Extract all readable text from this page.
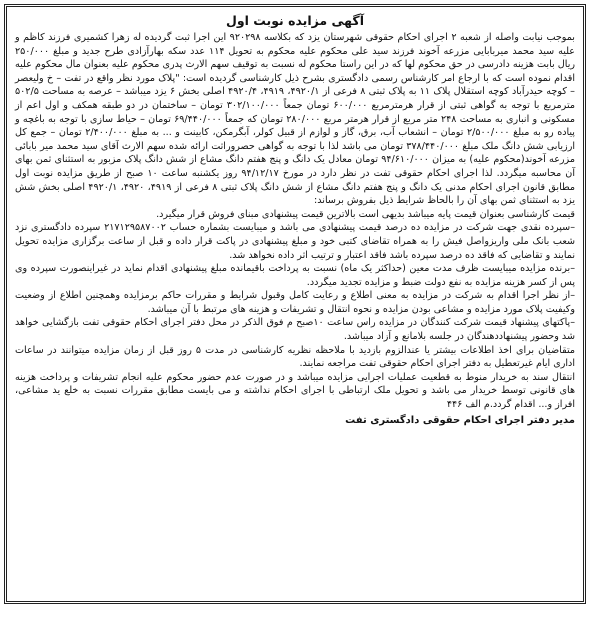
آگهی مزایده نوبت اول

بموجب نیابت واصله از شعبه ۲ اجرای احکام حقوقی شهرستان یزد که بکلاسه ۹۲۰۲۹۸ این اجرا ثبت گردیده له زهرا کشمیری فرزند کاظم و علیه سید محمد میربابایی مزرعه آخوند فرزند سید علی محکوم علیه محکوم به تحویل ۱۱۴ عدد سکه بهارآزادی طرح جدید و مبلغ ۲۵۰/۰۰۰ ریال بابت هزینه دادرسی در حق محکوم لها که در این راستا محکوم له نسبت به توقیف سهم الارث پدری محکوم علیه بعنوان مال محکوم علیه اقدام نموده است که با ارجاع امر کارشناس رسمی دادگستری بشرح ذیل کارشناسی گردیده است: "پلاک مورد نظر واقع در تفت – خ ولیعصر – کوچه حیدرآباد کوچه استقلال پلاک ۱۱ به پلاک ثبتی ۸ فرعی از ۴۹۲۰/۱، ۴۹۱۹، ۴۹۲۰/۴ اصلی بخش ۶ یزد میباشد – عرصه به مساحت ۵۰۲/۵ مترمربع با توجه به گواهی ثبتی از قرار هرمترمربع ۶۰۰/۰۰۰ تومان جمعاً ۳۰۲/۱۰۰/۰۰۰ تومان – ساختمان در دو طبقه همکف و اول اعم از مسکونی و انباری به مساحت ۲۴۸ متر مربع از قرار هرمتر مربع ۲۸۰/۰۰۰ تومان که جمعاً ۶۹/۴۴۰/۰۰۰ تومان – حیاط سازی با توجه به باغچه و پیاده رو به مبلغ ۲/۵۰۰/۰۰۰ تومان – انشعاب آب، برق، گاز و لوازم از قبیل کولر، آبگرمکن، کابینت و ... به مبلغ ۲/۴۰۰/۰۰۰ تومان – جمع کل ارزیابی شش دانگ ملک مبلغ ۳۷۸/۴۴۰/۰۰۰ تومان می باشد لذا با توجه به گواهی حصروراثت ارائه شده سهم الارث آقای سید محمد میر بابائی مزرعه آخوند(محکوم علیه) به میزان ۹۴/۶۱۰/۰۰۰ تومان معادل یک دانگ و پنج هفتم دانگ مشاع از شش دانگ پلاک مزبور به استثنای ثمن بهای آن محاسبه میگردد. لذا اجرای احکام حقوقی تفت در نظر دارد در مورخ ۹۴/۱۲/۱۷ روز یکشنبه ساعت ۱۰ صبح از طریق مزایده نوبت اول مطابق قانون اجرای احکام مدنی یک دانگ و پنج هفتم دانگ مشاع از شش دانگ پلاک ثبتی ۸ فرعی از ۴۹۱۹، ۴۹۲۰، ۴۹۲۰/۱ اصلی بخش شش یزد به استثنای ثمن بهای آن را بالحاظ شرایط ذیل بفروش برساند:

قیمت کارشناسی بعنوان قیمت پایه میباشد بدیهی است بالاترین قیمت پیشنهادی مبنای فروش قرار میگیرد.

–سپرده نقدی جهت شرکت در مزایده ده درصد قیمت پیشنهادی می باشد و میبایست بشماره حساب ۲۱۷۱۲۹۵۸۷۰۰۲ سپرده دادگستری نزد شعب بانک ملی واریزواصل فیش را به همراه تقاضای کتبی خود و مبلغ پیشنهادی در پاکت قرار داده و قبل از ساعت برگزاری مزایده تحویل نمایند و تقاضایی که فاقد ده درصد سپرده باشد فاقد اعتبار و ترتیب اثر داده نخواهد شد.

–برنده مزایده میبایست ظرف مدت معین (حداکثر یک ماه) نسبت به پرداخت باقیمانده مبلغ پیشنهادی اقدام نماید در غیراینصورت سپرده وی پس از کسر هزینه مزایده به نفع دولت ضبط و مزایده تجدید میگردد.

–از نظر اجرا اقدام به شرکت در مزایده به معنی اطلاع و رعایت کامل وقبول شرایط و مقررات حاکم برمزایده وهمچنین اطلاع از وضعیت وکیفیت پلاک مورد مزایده و مشاعی بودن مزایده و نحوه انتقال و تشریفات و هزینه های مرتبط با آن میباشد.

–پاکتهای پیشنهاد قیمت شرکت کنندگان در مزایده راس ساعت ۱۰صبح م فوق الذکر در محل دفتر اجرای احکام حقوقی تفت بازگشایی خواهد شد وحضور پیشنهاددهندگان در جلسه بلامانع و آزاد میباشد.

متقاضیان برای اخذ اطلاعات بیشتر یا عندالزوم بازدید با ملاحظه نظریه کارشناسی در مدت ۵ روز قبل از زمان مزایده میتوانند در ساعات اداری ایام غیرتعطیل به دفتر اجرای احکام حقوقی تفت مراجعه نمایند.

انتقال سند به خریدار منوط به قطعیت عملیات اجرایی مزایده میباشد و در صورت عدم حضور محکوم علیه انجام تشریفات و پرداخت هزینه های قانونی توسط خریدار می باشد و تحویل ملک ارتباطی با اجرای احکام نداشته و می بایست مطابق مقررات نسبت به خلع ید مشاعی، افراز و... اقدام گردد.م الف ۴۴۶

مدیر دفتر اجرای احکام حقوقی دادگستری تفت
